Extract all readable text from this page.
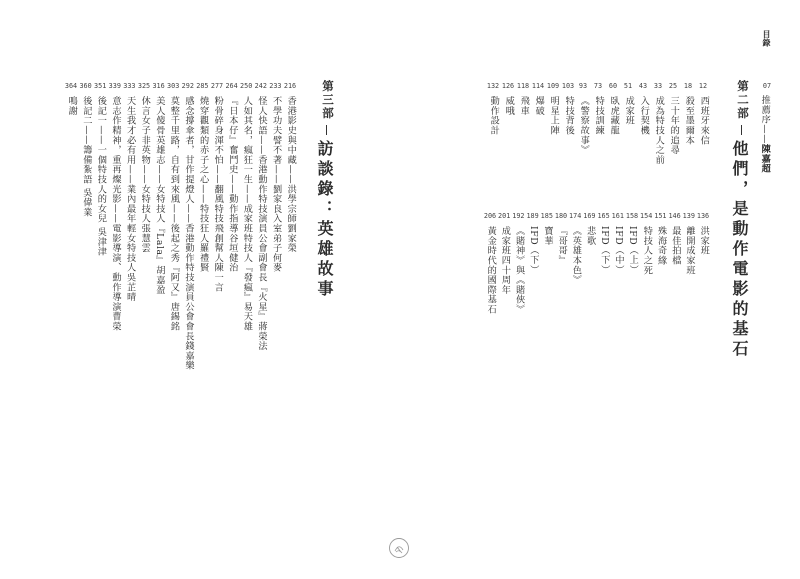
目錄
07
推薦序——陳嘉超
第二部
他們，是動作電影的基石
12
西班牙來信
18
殺至墨爾本
25
三十年的追尋
33
成為特技人之前
43
入行契機
51
成家班
60
臥虎藏龍
73
特技訓練
93
《警察故事》
103
特技背後
109
明星上陣
114
爆破
118
飛車
126
威哦
132
動作設計
136
洪家班
139
離開成家班
146
最佳拍檔
151
殊海奇緣
154
特技人之死
158
IFD（上）
161
IFD（中）
165
IFD（下）
169
悲歌
174
《英雄本色》
180
『哥哥』
185
寶華
189
IFD（下）
192
《賭神》與《賭俠》
201
成家班四十周年
206
黃金時代的國際基石
第三部
訪談錄：英雄故事
216
香港影史與中藏——洪學宗師劉家榮
233
不學功夫譬不著——劉家良入室弟子何麥
242
怪人快語——香港動作特技演員公會副會長『火星』蔣榮法
250
人如其名，瘋狂一生——成家班特技人『發瘋』易天雄
264
『日本仔』奮鬥史——動作指導谷垣健治
277
粉骨碎身渾不怕——翻風特技飛創幫人陳一言
285
燒穿觀類的赤子之心——特技狂人羅禮賢
292
感念撐傘者，甘作提燈人——香港動作特技演員公會會長錢嘉樂
303
莫整千里路，自有到來風——後起之秀『阿又』唐錫銘
316
美人傻骨英雄志——女特技人『Lala』胡嘉盈
325
休言女子非英物——女特技人張慧雲
333
天生我才必有用——業內最年輕女特技人吳芷晴
339
意志作精神，重再燦光影——電影導演、動作導演曹榮
351
後記一——一個特技人的女兒 吳津津
360
後記二——籌備紮語 吳偉業
364
鳴謝
